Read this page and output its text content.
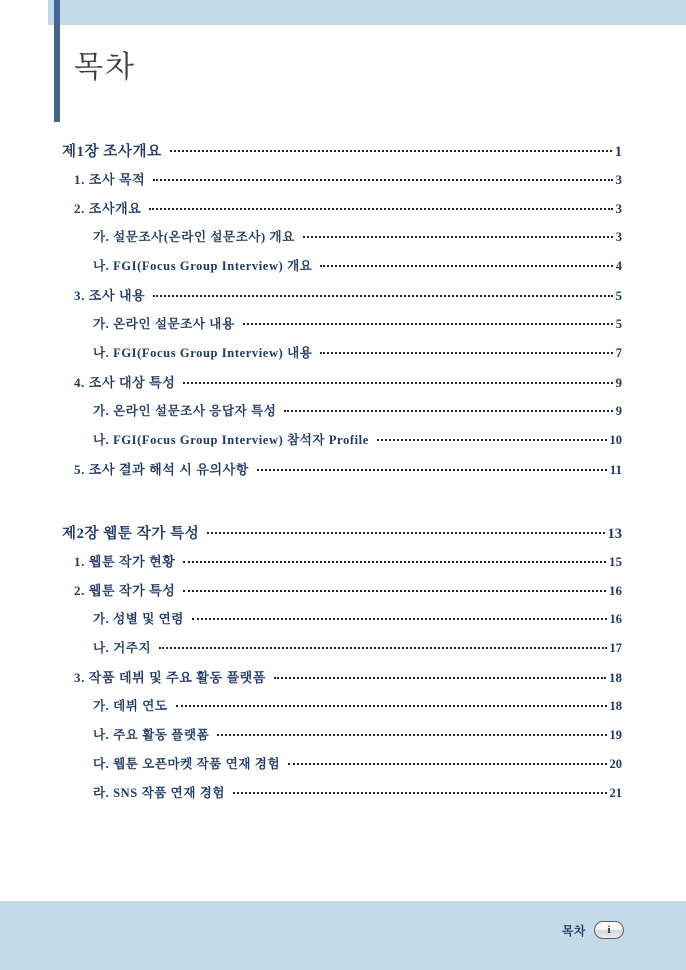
목차
제1장 조사개요	1
1. 조사 목적	3
2. 조사개요	3
가. 설문조사(온라인 설문조사) 개요	3
나. FGI(Focus Group Interview) 개요	4
3. 조사 내용	5
가. 온라인 설문조사 내용	5
나. FGI(Focus Group Interview) 내용	7
4. 조사 대상 특성	9
가. 온라인 설문조사 응답자 특성	9
나. FGI(Focus Group Interview) 참석자 Profile	10
5. 조사 결과 해석 시 유의사항	11
제2장 웹툰 작가 특성	13
1. 웹툰 작가 현황	15
2. 웹툰 작가 특성	16
가. 성별 및 연령	16
나. 거주지	17
3. 작품 데뷔 및 주요 활동 플랫폼	18
가. 데뷔 연도	18
나. 주요 활동 플랫폼	19
다. 웹툰 오픈마켓 작품 연재 경험	20
라. SNS 작품 연재 경험	21
목차	i
